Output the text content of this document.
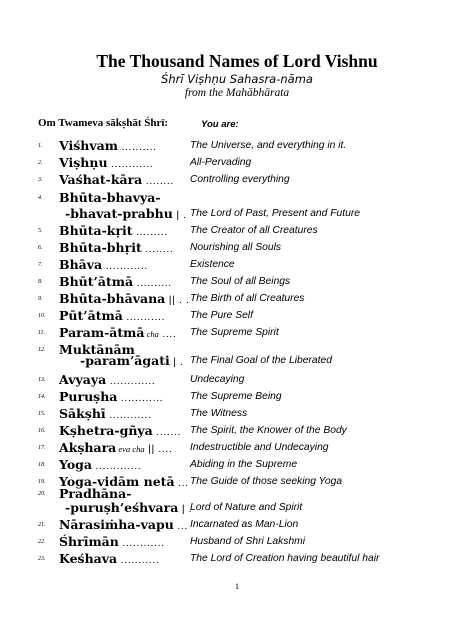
The Thousand Names of Lord Vishnu
Śhrī Viṣhṇu Sahasra-nāma
from the Mahābhārata
Om Twameva sākṣhāt Śhrī:	You are:
1. Viśhvam ..........	The Universe, and everything in it.
2. Viṣhṇu ............	All-Pervading
3. Vaśhat-kāra ........ Controlling everything
4. Bhūta-bhavya-
-bhavat-prabhu | . The Lord of Past, Present and Future
5. Bhūta-kṛit ......... The Creator of all Creatures
6. Bhūta-bhṛit ........ Nourishing all Souls
7. Bhāva ............	Existence
8. Bhūt’ātmā .......... The Soul of all Beings
9. Bhūta-bhāvana || . . The Birth of all Creatures
10. Pūt’ātmā ........... The Pure Self
11. Param-ātmā cha .... The Supreme Spirit
12. Muktānām
-param’āgati | . The Final Goal of the Liberated
13. Avyaya .............	Undecaying
14. Puruṣha ............	The Supreme Being
15. Sākṣhī ............	The Witness
16. Kṣhetra-gñya ....... The Spirit, the Knower of the Body
17. Akṣhara eva cha || .... Indestructible and Undecaying
18. Yoga .............	Abiding in the Supreme
19. Yoga-vidām netā ... The Guide of those seeking Yoga
20. Pradhāna-
-puruṣh’eśhvara | .
Lord of Nature and Spirit
21. Nārasiṁha-vapu ... Incarnated as Man-Lion
22. Śhrīmān ............ Husband of Shri Lakshmi
23. Keśhava ...........	The Lord of Creation having beautiful hair
1
